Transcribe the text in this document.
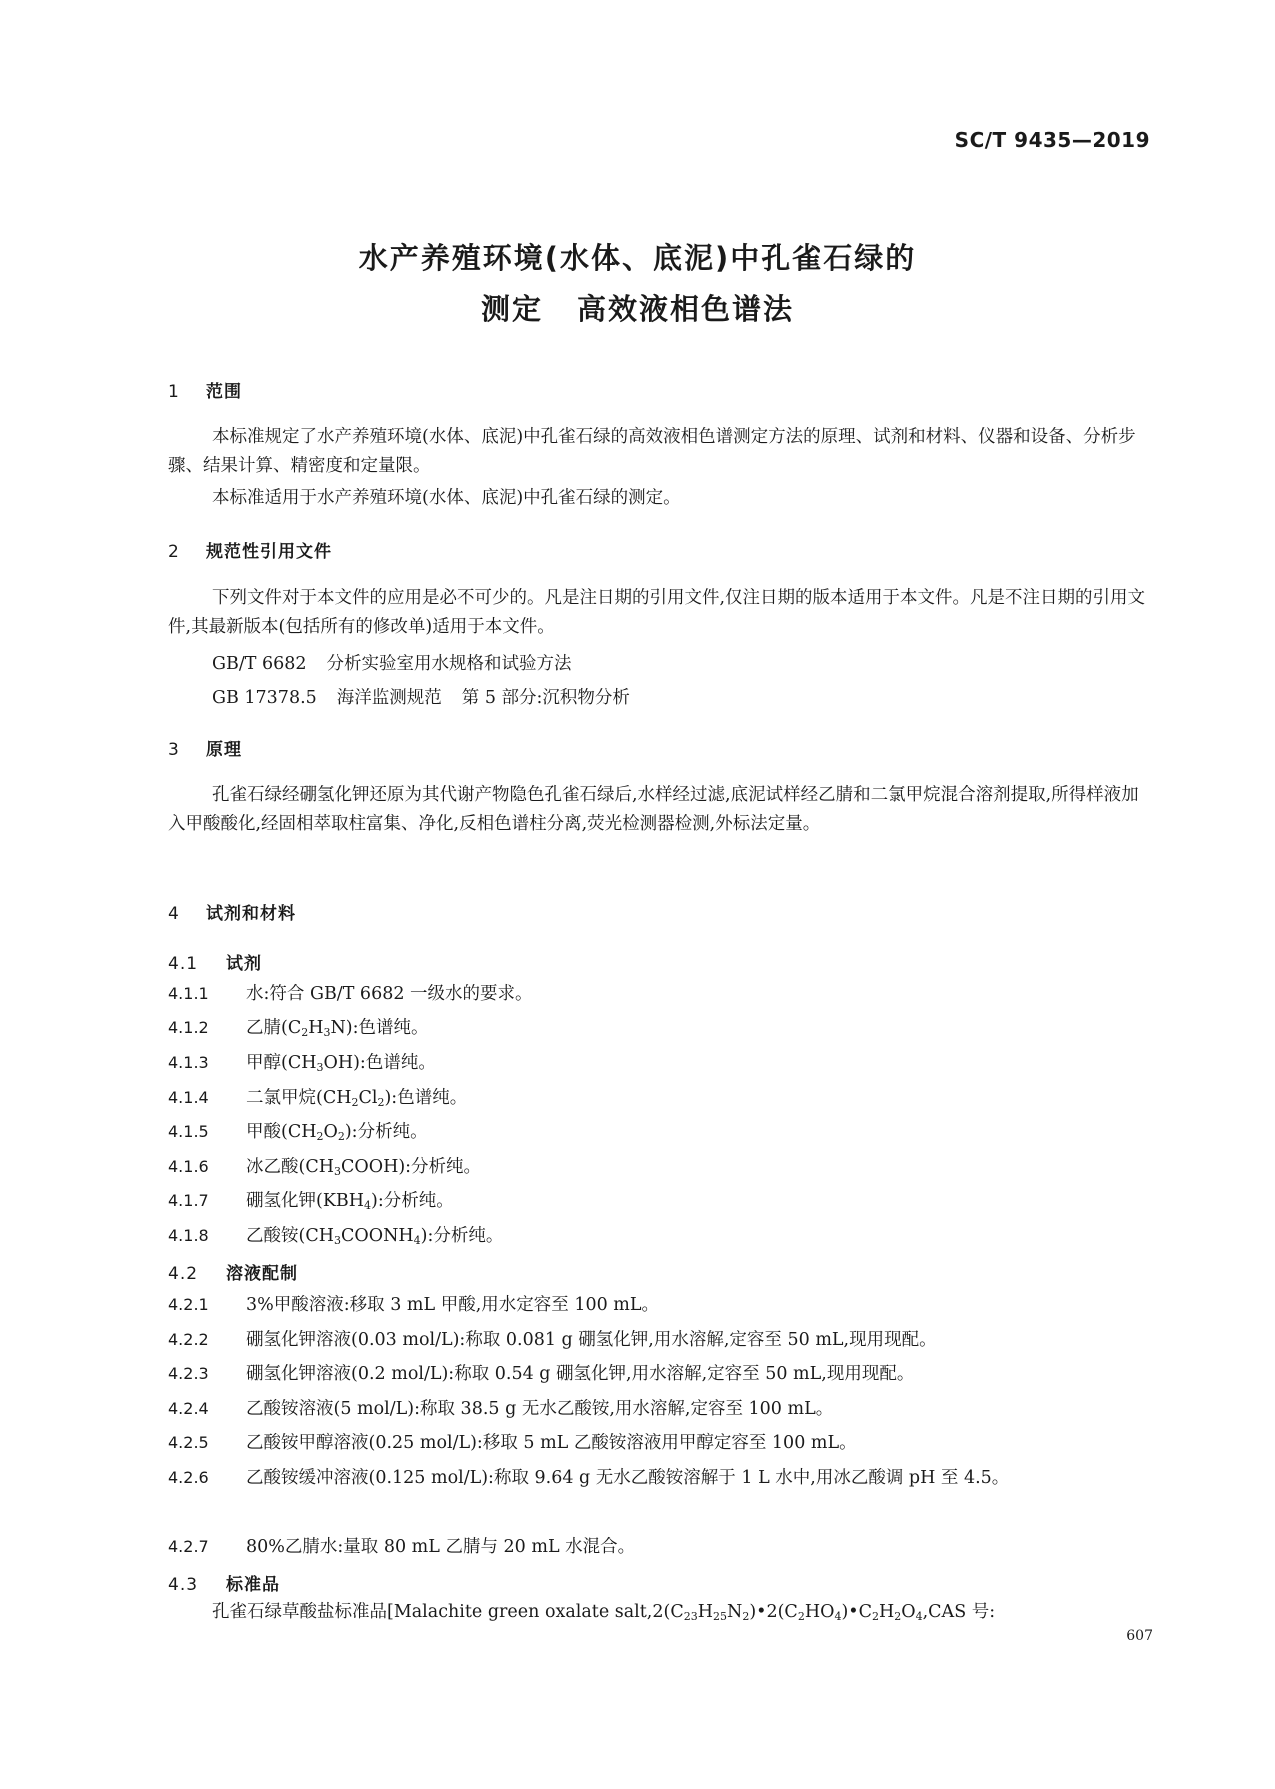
SC/T 9435—2019
水产养殖环境(水体、底泥)中孔雀石绿的
测定 高效液相色谱法
1 范围
本标准规定了水产养殖环境(水体、底泥)中孔雀石绿的高效液相色谱测定方法的原理、试剂和材料、仪器和设备、分析步骤、结果计算、精密度和定量限。
本标准适用于水产养殖环境(水体、底泥)中孔雀石绿的测定。
2 规范性引用文件
下列文件对于本文件的应用是必不可少的。凡是注日期的引用文件,仅注日期的版本适用于本文件。凡是不注日期的引用文件,其最新版本(包括所有的修改单)适用于本文件。
GB/T 6682 分析实验室用水规格和试验方法
GB 17378.5 海洋监测规范 第 5 部分:沉积物分析
3 原理
孔雀石绿经硼氢化钾还原为其代谢产物隐色孔雀石绿后,水样经过滤,底泥试样经乙腈和二氯甲烷混合溶剂提取,所得样液加入甲酸酸化,经固相萃取柱富集、净化,反相色谱柱分离,荧光检测器检测,外标法定量。
4 试剂和材料
4.1 试剂
4.1.1 水:符合 GB/T 6682 一级水的要求。
4.1.2 乙腈$(C_2H_3N)$:色谱纯。
4.1.3 甲醇$(CH_3OH)$:色谱纯。
4.1.4 二氯甲烷$(CH_2Cl_2)$:色谱纯。
4.1.5 甲酸$(CH_2O_2)$:分析纯。
4.1.6 冰乙酸$(CH_3COOH)$:分析纯。
4.1.7 硼氢化钾$(KBH_4)$:分析纯。
4.1.8 乙酸铵$(CH_3COONH_4)$:分析纯。
4.2 溶液配制
4.2.1 3%甲酸溶液:移取 3 mL 甲酸,用水定容至 100 mL。
4.2.2 硼氢化钾溶液(0.03 mol/L):称取 0.081 g 硼氢化钾,用水溶解,定容至 50 mL,现用现配。
4.2.3 硼氢化钾溶液(0.2 mol/L):称取 0.54 g 硼氢化钾,用水溶解,定容至 50 mL,现用现配。
4.2.4 乙酸铵溶液(5 mol/L):称取 38.5 g 无水乙酸铵,用水溶解,定容至 100 mL。
4.2.5 乙酸铵甲醇溶液(0.25 mol/L):移取 5 mL 乙酸铵溶液用甲醇定容至 100 mL。
4.2.6 乙酸铵缓冲溶液(0.125 mol/L):称取 9.64 g 无水乙酸铵溶解于 1 L 水中,用冰乙酸调 pH 至 4.5。
4.2.7 80%乙腈水:量取 80 mL 乙腈与 20 mL 水混合。
4.3 标准品
孔雀石绿草酸盐标准品[Malachite green oxalate $salt,2(C_{23}H_{25}N_2)•2(C_2HO_4)•C_2H_2O_4,CAS$ 号:
607
